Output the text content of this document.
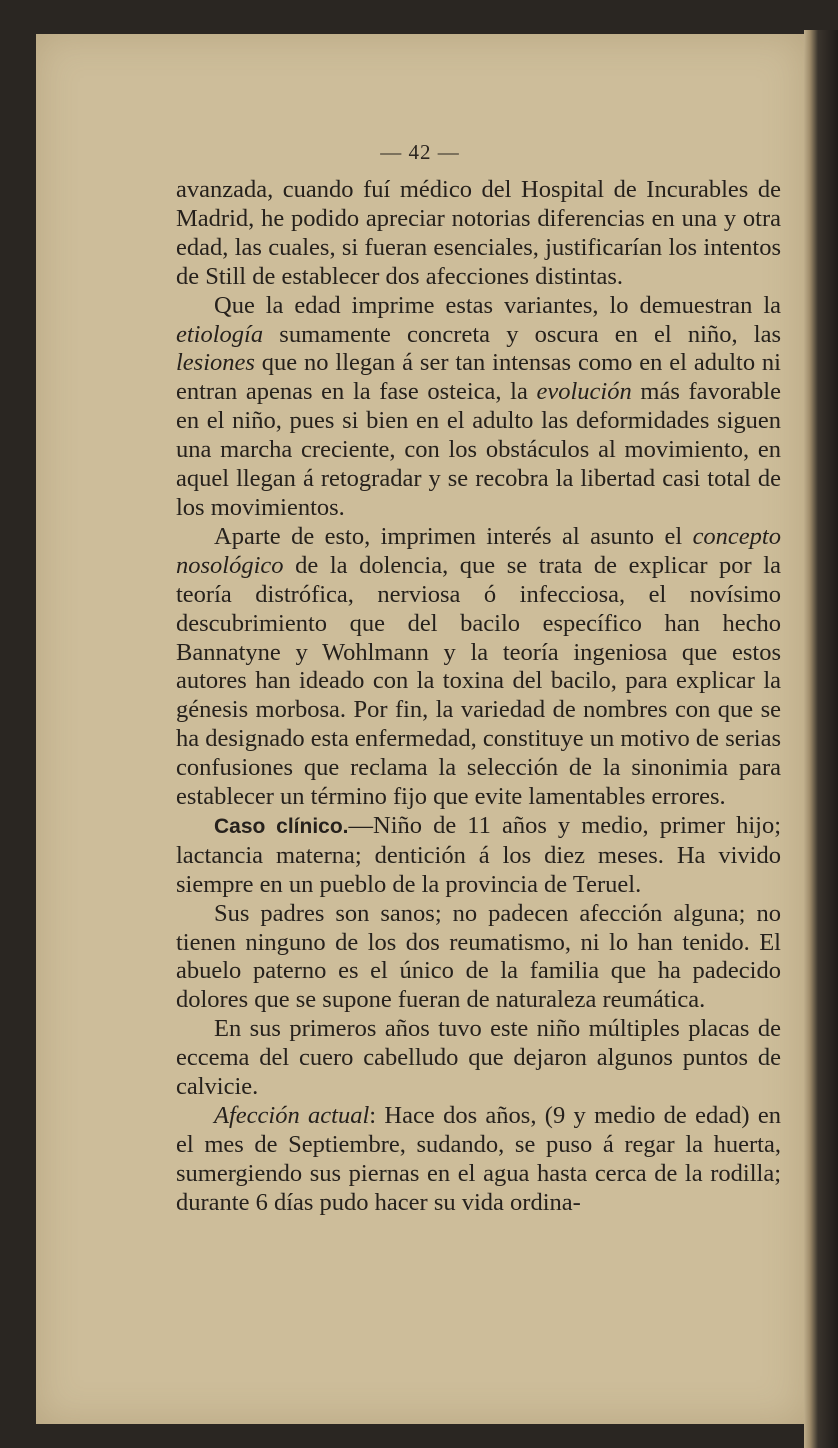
— 42 —

avanzada, cuando fuí médico del Hospital de Incurables de Madrid, he podido apreciar notorias diferencias en una y otra edad, las cuales, si fueran esenciales, justificarían los intentos de Still de establecer dos afecciones distintas.

Que la edad imprime estas variantes, lo demuestran la etiología sumamente concreta y oscura en el niño, las lesiones que no llegan á ser tan intensas como en el adulto ni entran apenas en la fase osteica, la evolución más favorable en el niño, pues si bien en el adulto las deformidades siguen una marcha creciente, con los obstáculos al movimiento, en aquel llegan á retogradar y se recobra la libertad casi total de los movimientos.

Aparte de esto, imprimen interés al asunto el concepto nosológico de la dolencia, que se trata de explicar por la teoría distrófica, nerviosa ó infecciosa, el novísimo descubrimiento que del bacilo específico han hecho Bannatyne y Wohlmann y la teoría ingeniosa que estos autores han ideado con la toxina del bacilo, para explicar la génesis morbosa. Por fin, la variedad de nombres con que se ha designado esta enfermedad, constituye un motivo de serias confusiones que reclama la selección de la sinonimia para establecer un término fijo que evite lamentables errores.

Caso clínico.—Niño de 11 años y medio, primer hijo; lactancia materna; dentición á los diez meses. Ha vivido siempre en un pueblo de la provincia de Teruel.

Sus padres son sanos; no padecen afección alguna; no tienen ninguno de los dos reumatismo, ni lo han tenido. El abuelo paterno es el único de la familia que ha padecido dolores que se supone fueran de naturaleza reumática.

En sus primeros años tuvo este niño múltiples placas de eccema del cuero cabelludo que dejaron algunos puntos de calvicie.

Afección actual: Hace dos años, (9 y medio de edad) en el mes de Septiembre, sudando, se puso á regar la huerta, sumergiendo sus piernas en el agua hasta cerca de la rodilla; durante 6 días pudo hacer su vida ordina-
